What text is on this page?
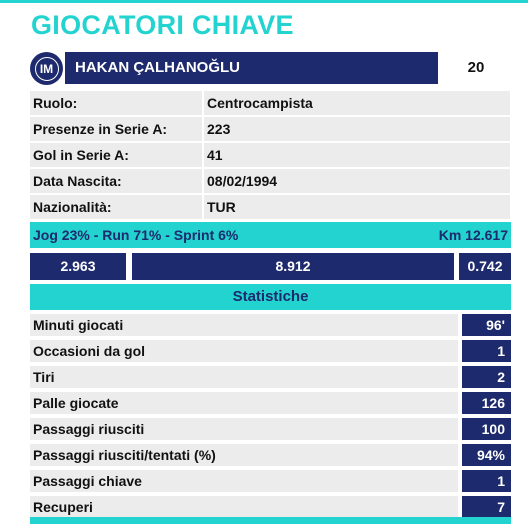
GIOCATORI CHIAVE
IM	HAKAN ÇALHANOĞLU	20
Ruolo:	Centrocampista
Presenze in Serie A:	223
Gol in Serie A:	41
Data Nascita:	08/02/1994
Nazionalità:	TUR
Jog 23% - Run 71% - Sprint 6%	Km 12.617
2.963	8.912	0.742
Statistiche
Minuti giocati	96'
Occasioni da gol	1
Tiri	2
Palle giocate	126
Passaggi riusciti	100
Passaggi riusciti/tentati (%)	94%
Passaggi chiave	1
Recuperi	7
